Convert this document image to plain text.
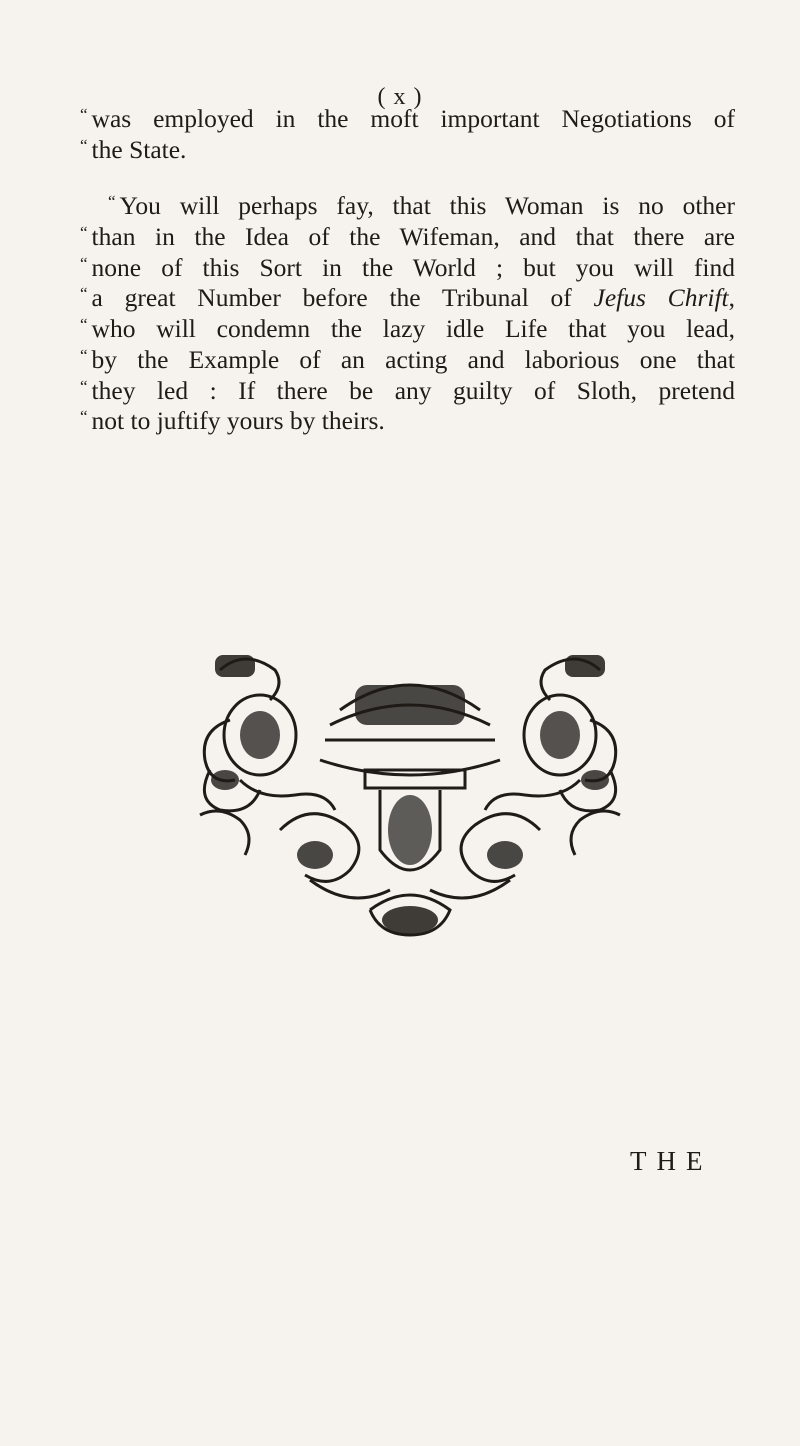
( x )
“ was employed in the moft important Negotiations of
“ the State.
“ You will perhaps fay, that this Woman is no other
“ than in the Idea of the Wifeman, and that there are
“ none of this Sort in the World ; but you will find
“ a great Number before the Tribunal of Jefus Chrift,
“ who will condemn the lazy idle Life that you lead,
“ by the Example of an acting and laborious one that
“ they led : If there be any guilty of Sloth, pretend
“ not to juftify yours by theirs.
THE
